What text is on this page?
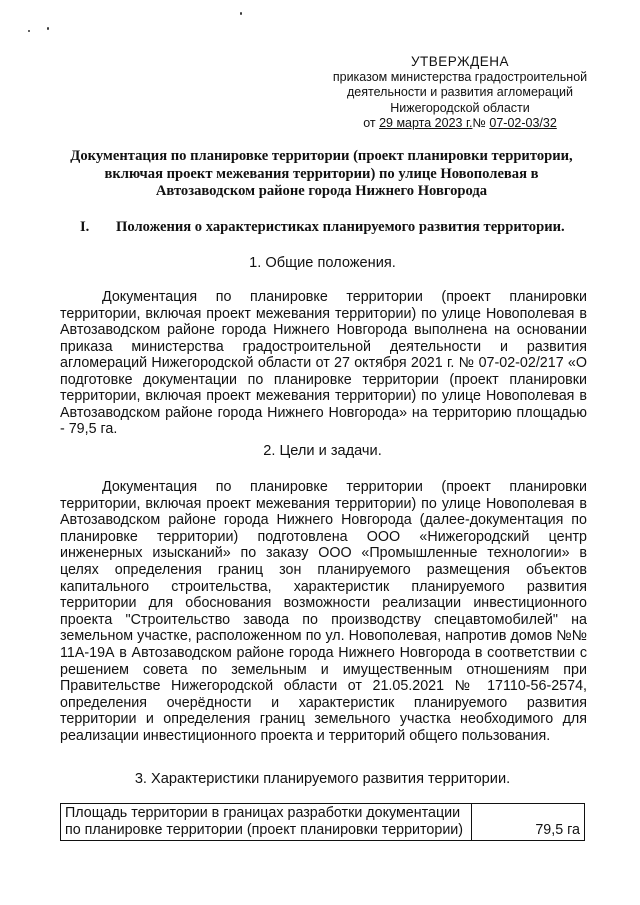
УТВЕРЖДЕНА
приказом министерства градостроительной
деятельности и развития агломераций
Нижегородской области
от 29 марта 2023 г.№ 07-02-03/32
Документация по планировке территории (проект планировки территории, включая проект межевания территории) по улице Новополевая в Автозаводском районе города Нижнего Новгорода
I. Положения о характеристиках планируемого развития территории.
1. Общие положения.
Документация по планировке территории (проект планировки территории, включая проект межевания территории) по улице Новополевая в Автозаводском районе города Нижнего Новгорода выполнена на основании приказа министерства градостроительной деятельности и развития агломераций Нижегородской области от 27 октября 2021 г. № 07-02-02/217 «О подготовке документации по планировке территории (проект планировки территории, включая проект межевания территории) по улице Новополевая в Автозаводском районе города Нижнего Новгорода» на территорию площадью - 79,5 га.
2. Цели и задачи.
Документация по планировке территории (проект планировки территории, включая проект межевания территории) по улице Новополевая в Автозаводском районе города Нижнего Новгорода (далее-документация по планировке территории) подготовлена ООО «Нижегородский центр инженерных изысканий» по заказу ООО «Промышленные технологии» в целях определения границ зон планируемого размещения объектов капитального строительства, характеристик планируемого развития территории для обоснования возможности реализации инвестиционного проекта "Строительство завода по производству спецавтомобилей" на земельном участке, расположенном по ул. Новополевая, напротив домов №№ 11А-19А в Автозаводском районе города Нижнего Новгорода в соответствии с решением совета по земельным и имущественным отношениям при Правительстве Нижегородской области от 21.05.2021 № 17110-56-2574, определения очерёдности и характеристик планируемого развития территории и определения границ земельного участка необходимого для реализации инвестиционного проекта и территорий общего пользования.
3. Характеристики планируемого развития территории.
Площадь территории в границах разработки документации по планировке территории (проект планировки территории)	79,5 га
